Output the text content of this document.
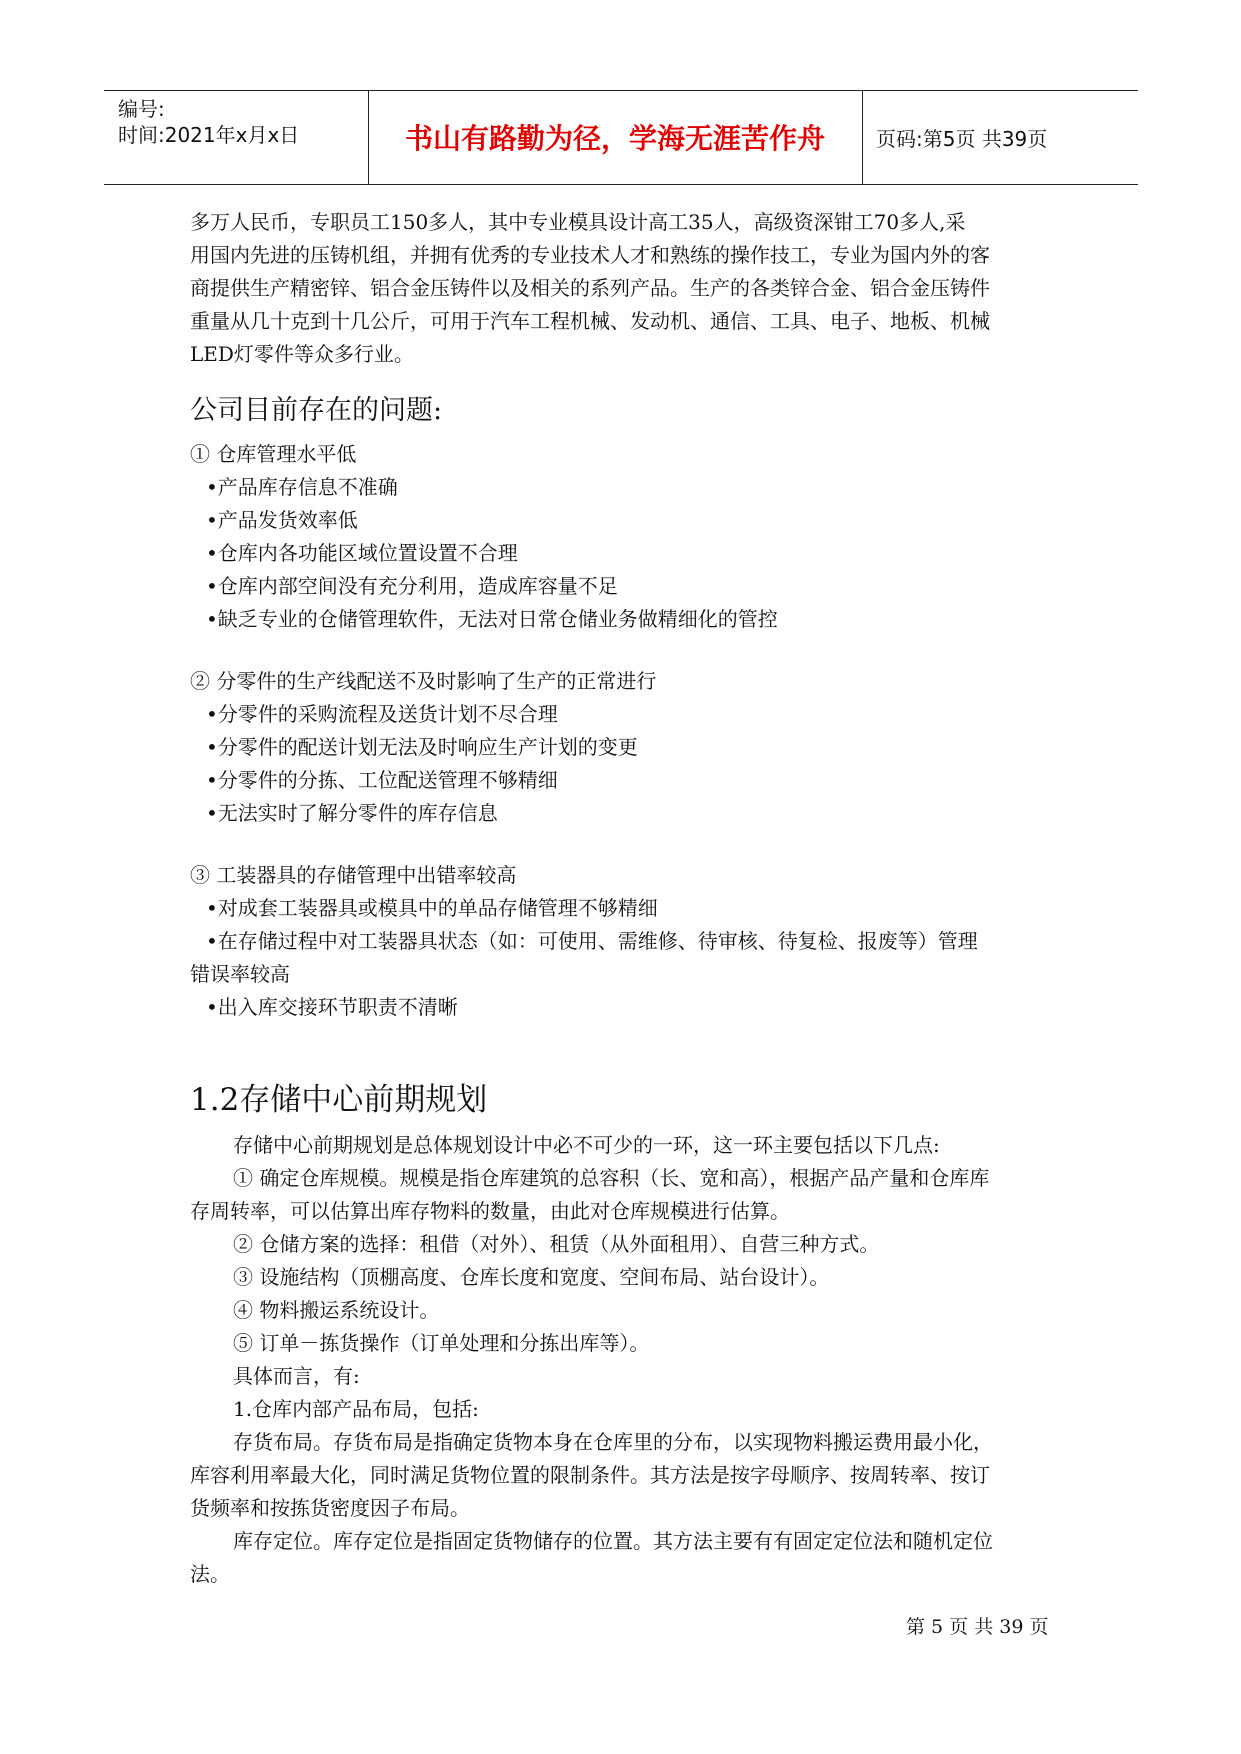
编号:
时间:2021年x月x日	书山有路勤为径，学海无涯苦作舟	页码:第5页 共39页

多万人民币，专职员工150多人，其中专业模具设计高工35人，高级资深钳工70多人,采

用国内先进的压铸机组，并拥有优秀的专业技术人才和熟练的操作技工，专业为国内外的客

商提供生产精密锌、铝合金压铸件以及相关的系列产品。生产的各类锌合金、铝合金压铸件

重量从几十克到十几公斤，可用于汽车工程机械、发动机、通信、工具、电子、地板、机械

LED灯零件等众多行业。

公司目前存在的问题:

① 仓库管理水平低

•产品库存信息不准确

•产品发货效率低

•仓库内各功能区域位置设置不合理

•仓库内部空间没有充分利用，造成库容量不足

•缺乏专业的仓储管理软件，无法对日常仓储业务做精细化的管控

② 分零件的生产线配送不及时影响了生产的正常进行

•分零件的采购流程及送货计划不尽合理

•分零件的配送计划无法及时响应生产计划的变更

•分零件的分拣、工位配送管理不够精细

•无法实时了解分零件的库存信息

③ 工装器具的存储管理中出错率较高

•对成套工装器具或模具中的单品存储管理不够精细

•在存储过程中对工装器具状态（如：可使用、需维修、待审核、待复检、报废等）管理

错误率较高

•出入库交接环节职责不清晰

1.2存储中心前期规划

存储中心前期规划是总体规划设计中必不可少的一环，这一环主要包括以下几点:

① 确定仓库规模。规模是指仓库建筑的总容积（长、宽和高），根据产品产量和仓库库

存周转率，可以估算出库存物料的数量，由此对仓库规模进行估算。

② 仓储方案的选择：租借（对外）、租赁（从外面租用）、自营三种方式。

③ 设施结构（顶棚高度、仓库长度和宽度、空间布局、站台设计）。

④ 物料搬运系统设计。

⑤ 订单－拣货操作（订单处理和分拣出库等）。

具体而言，有:

1.仓库内部产品布局，包括:

存货布局。存货布局是指确定货物本身在仓库里的分布，以实现物料搬运费用最小化，

库容利用率最大化，同时满足货物位置的限制条件。其方法是按字母顺序、按周转率、按订

货频率和按拣货密度因子布局。

库存定位。库存定位是指固定货物储存的位置。其方法主要有有固定定位法和随机定位

法。

第 5 页 共 39 页
